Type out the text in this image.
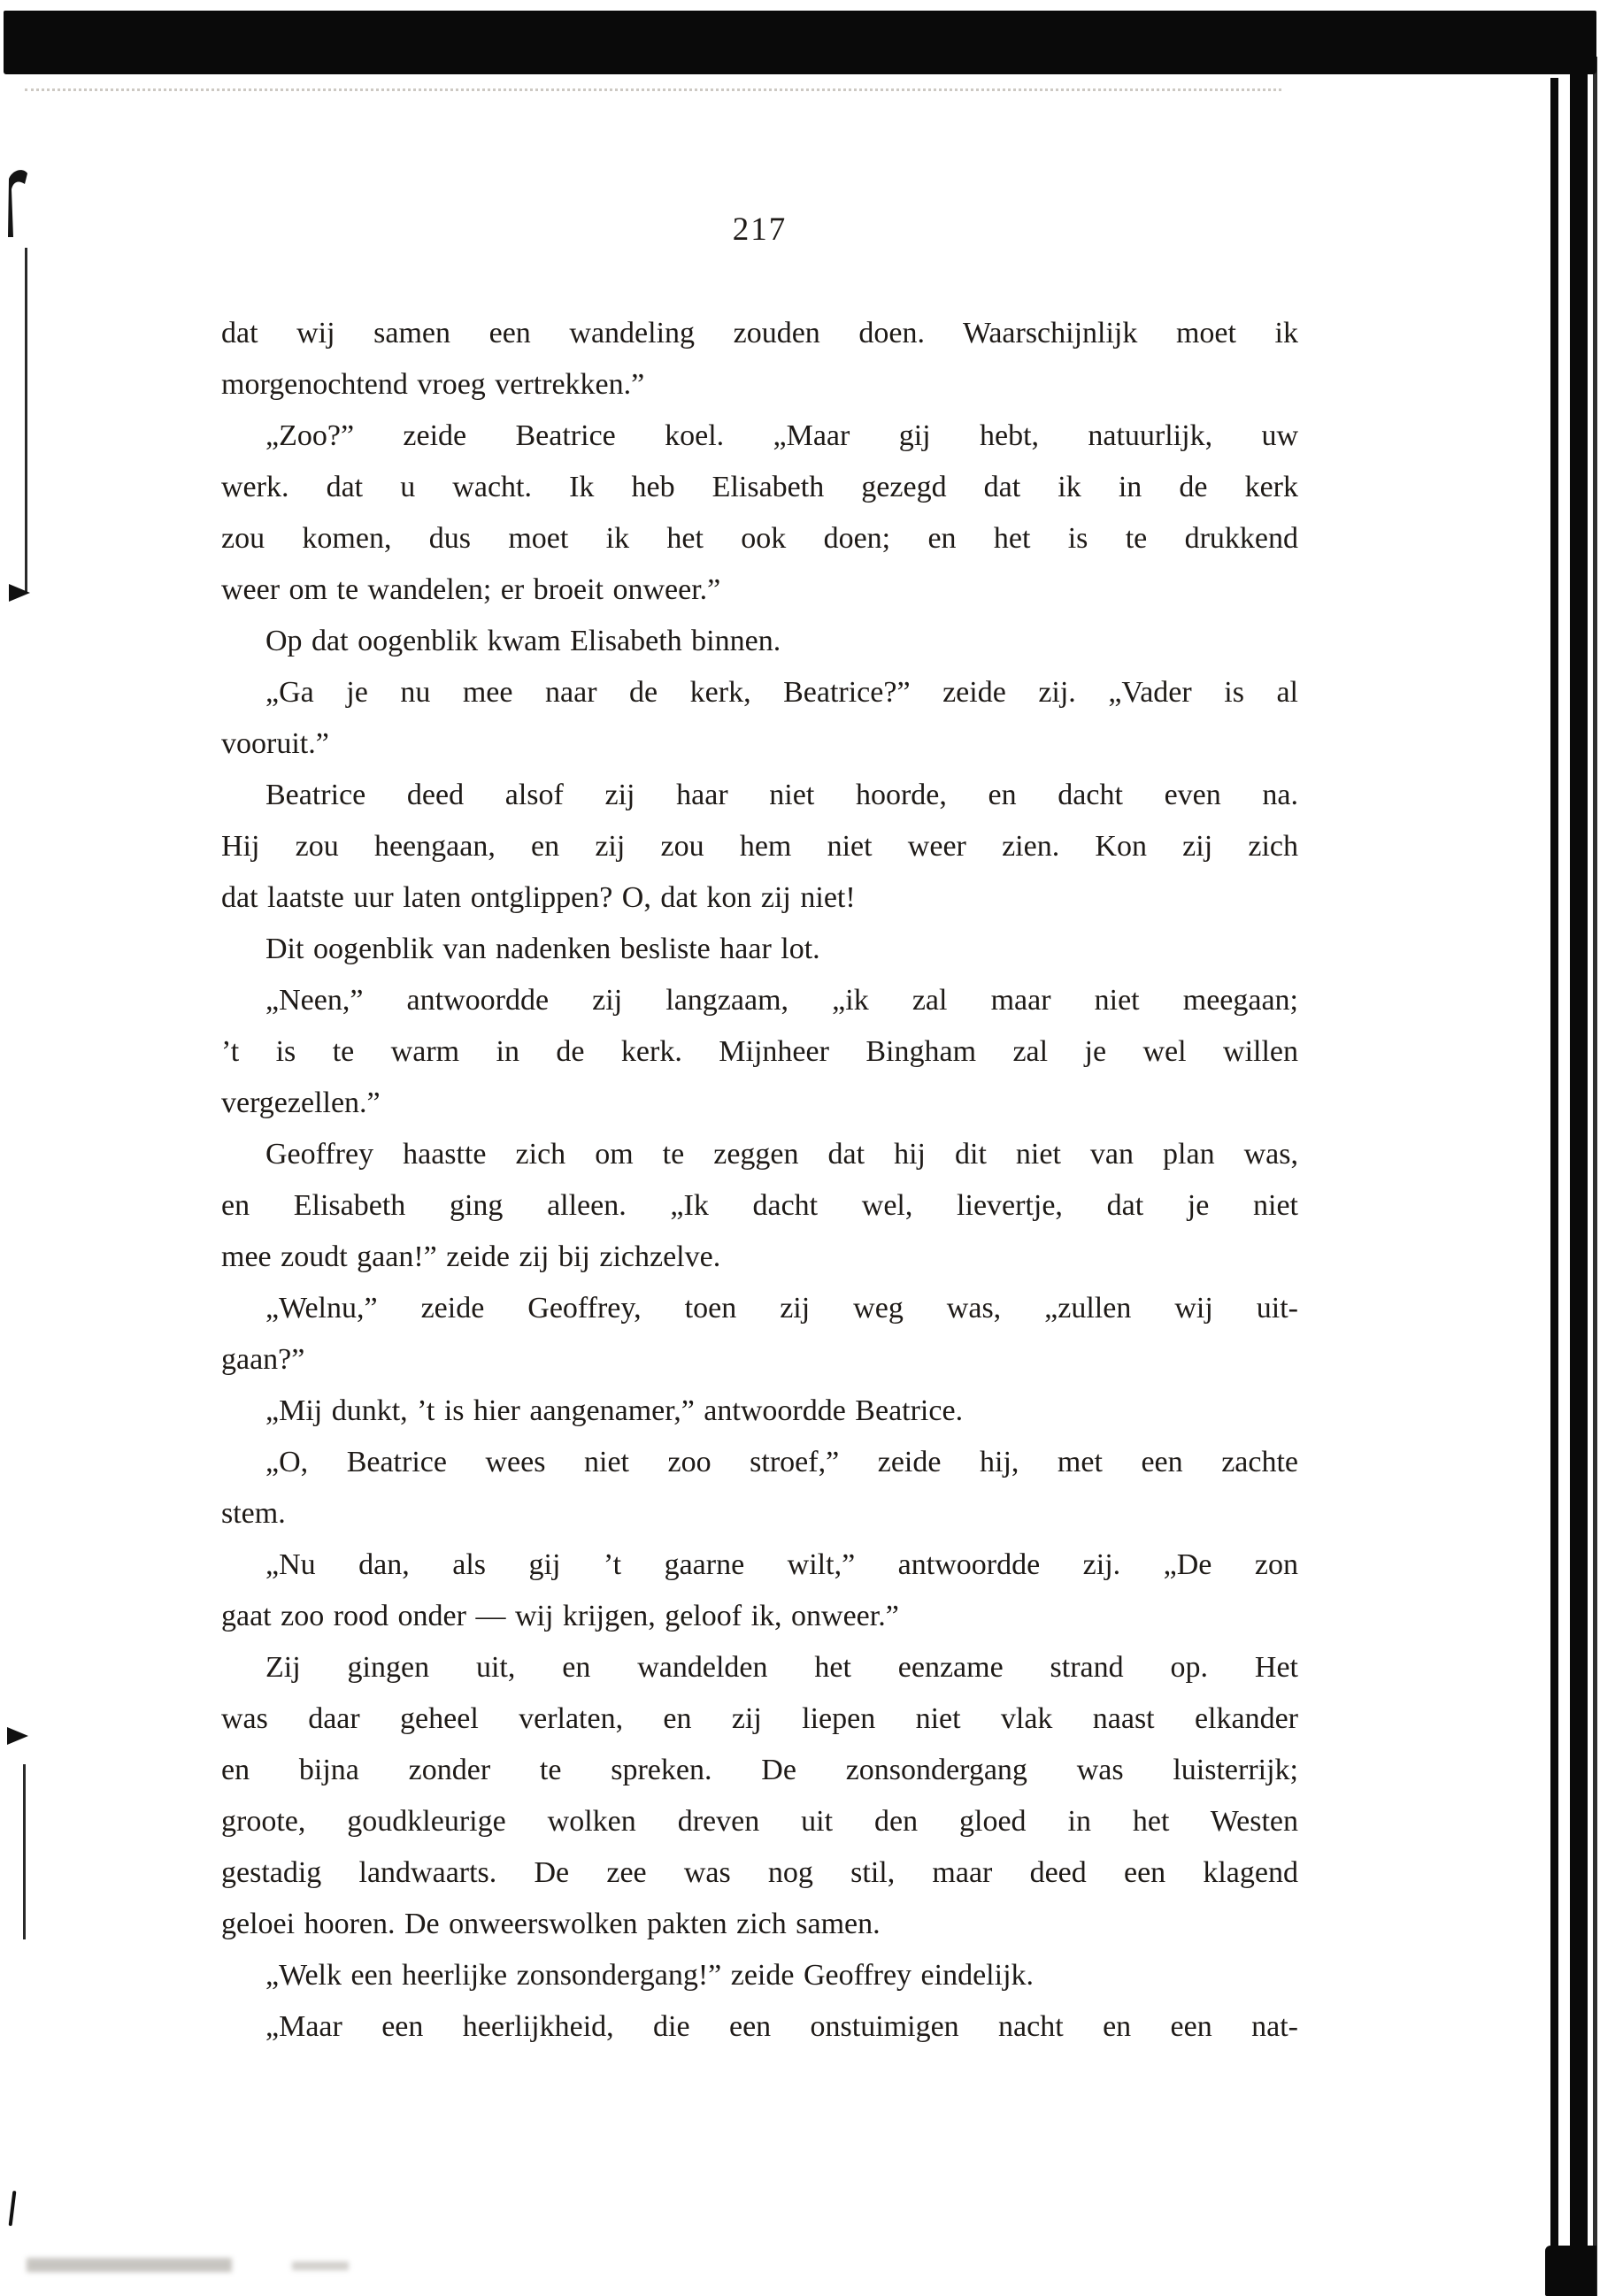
217
dat wij samen een wandeling zouden doen. Waarschijnlijk moet ik
morgenochtend vroeg vertrekken.”
„Zoo?” zeide Beatrice koel. „Maar gij hebt, natuurlijk, uw
werk. dat u wacht. Ik heb Elisabeth gezegd dat ik in de kerk
zou komen, dus moet ik het ook doen; en het is te drukkend
weer om te wandelen; er broeit onweer.”
Op dat oogenblik kwam Elisabeth binnen.
„Ga je nu mee naar de kerk, Beatrice?” zeide zij. „Vader is al
vooruit.”
Beatrice deed alsof zij haar niet hoorde, en dacht even na.
Hij zou heengaan, en zij zou hem niet weer zien. Kon zij zich
dat laatste uur laten ontglippen? O, dat kon zij niet!
Dit oogenblik van nadenken besliste haar lot.
„Neen,” antwoordde zij langzaam, „ik zal maar niet meegaan;
’t is te warm in de kerk. Mijnheer Bingham zal je wel willen
vergezellen.”
Geoffrey haastte zich om te zeggen dat hij dit niet van plan was,
en Elisabeth ging alleen. „Ik dacht wel, lievertje, dat je niet
mee zoudt gaan!” zeide zij bij zichzelve.
„Welnu,” zeide Geoffrey, toen zij weg was, „zullen wij uit-
gaan?”
„Mij dunkt, ’t is hier aangenamer,” antwoordde Beatrice.
„O, Beatrice wees niet zoo stroef,” zeide hij, met een zachte
stem.
„Nu dan, als gij ’t gaarne wilt,” antwoordde zij. „De zon
gaat zoo rood onder — wij krijgen, geloof ik, onweer.”
Zij gingen uit, en wandelden het eenzame strand op. Het
was daar geheel verlaten, en zij liepen niet vlak naast elkander
en bijna zonder te spreken. De zonsondergang was luisterrijk;
groote, goudkleurige wolken dreven uit den gloed in het Westen
gestadig landwaarts. De zee was nog stil, maar deed een klagend
geloei hooren. De onweerswolken pakten zich samen.
„Welk een heerlijke zonsondergang!” zeide Geoffrey eindelijk.
„Maar een heerlijkheid, die een onstuimigen nacht en een nat-
